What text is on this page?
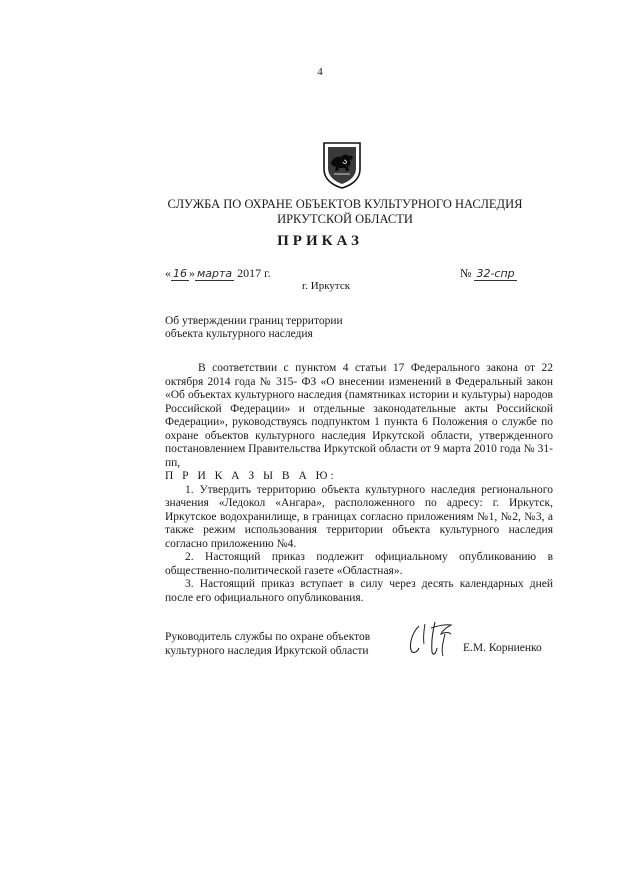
4
СЛУЖБА ПО ОХРАНЕ ОБЪЕКТОВ КУЛЬТУРНОГО НАСЛЕДИЯ ИРКУТСКОЙ ОБЛАСТИ
ПРИКАЗ
« 16 » марта 2017 г.	№ 32-спр
г. Иркутск
Об утверждении границ территории
объекта культурного наследия

В соответствии с пунктом 4 статьи 17 Федерального закона от 22 октября 2014 года № 315- ФЗ «О внесении изменений в Федеральный закон «Об объектах культурного наследия (памятниках истории и культуры) народов Российской Федерации» и отдельные законодательные акты Российской Федерации», руководствуясь подпунктом 1 пункта 6 Положения о службе по охране объектов культурного наследия Иркутской области, утвержденного постановлением Правительства Иркутской области от 9 марта 2010 года № 31-пп,

П Р И К А З Ы В А Ю:

1. Утвердить территорию объекта культурного наследия регионального значения «Ледокол «Ангара», расположенного по адресу: г. Иркутск, Иркутское водохранилище, в границах согласно приложениям №1, №2, №3, а также режим использования территории объекта культурного наследия согласно приложению №4.

2. Настоящий приказ подлежит официальному опубликованию в общественно-политической газете «Областная».

3. Настоящий приказ вступает в силу через десять календарных дней после его официального опубликования.

Руководитель службы по охране объектов
культурного наследия Иркутской области	Е.М. Корниенко
